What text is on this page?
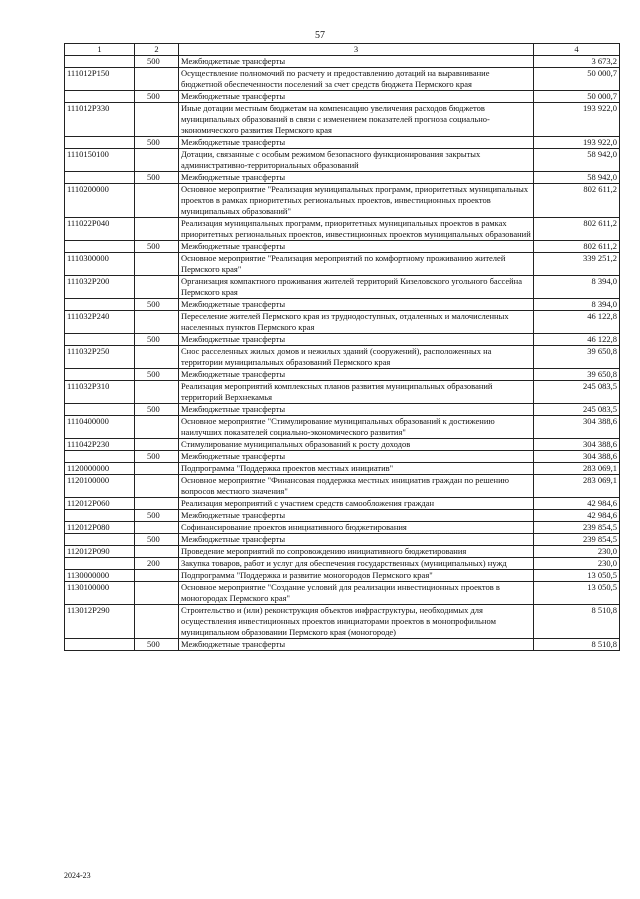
57
1	2	3	4
	500	Межбюджетные трансферты	3 673,2
111012P150		Осуществление полномочий по расчету и предоставлению дотаций на выравнивание бюджетной обеспеченности поселений за счет средств бюджета Пермского края	50 000,7
	500	Межбюджетные трансферты	50 000,7
111012P330		Иные дотации местным бюджетам на компенсацию увеличения расходов бюджетов муниципальных образований в связи с изменением показателей прогноза социально-экономического развития Пермского края	193 922,0
	500	Межбюджетные трансферты	193 922,0
1110150100		Дотации, связанные с особым режимом безопасного функционирования закрытых административно-территориальных образований	58 942,0
	500	Межбюджетные трансферты	58 942,0
1110200000		Основное мероприятие "Реализация муниципальных программ, приоритетных муниципальных проектов в рамках приоритетных региональных проектов, инвестиционных проектов муниципальных образований"	802 611,2
111022P040		Реализация муниципальных программ, приоритетных муниципальных проектов в рамках приоритетных региональных проектов, инвестиционных проектов муниципальных образований	802 611,2
	500	Межбюджетные трансферты	802 611,2
1110300000		Основное мероприятие "Реализация мероприятий по комфортному проживанию жителей Пермского края"	339 251,2
111032P200		Организация компактного проживания жителей территорий Кизеловского угольного бассейна Пермского края	8 394,0
	500	Межбюджетные трансферты	8 394,0
111032P240		Переселение жителей Пермского края из труднодоступных, отдаленных и малочисленных населенных пунктов Пермского края	46 122,8
	500	Межбюджетные трансферты	46 122,8
111032P250		Снос расселенных жилых домов и нежилых зданий (сооружений), расположенных на территории муниципальных образований Пермского края	39 650,8
	500	Межбюджетные трансферты	39 650,8
111032P310		Реализация мероприятий комплексных планов развития муниципальных образований территорий Верхнекамья	245 083,5
	500	Межбюджетные трансферты	245 083,5
1110400000		Основное мероприятие "Стимулирование муниципальных образований к достижению наилучших показателей социально-экономического развития"	304 388,6
111042P230		Стимулирование муниципальных образований к росту доходов	304 388,6
	500	Межбюджетные трансферты	304 388,6
1120000000		Подпрограмма "Поддержка проектов местных инициатив"	283 069,1
1120100000		Основное мероприятие "Финансовая поддержка местных инициатив граждан по решению вопросов местного значения"	283 069,1
112012P060		Реализация мероприятий с участием средств самообложения граждан	42 984,6
	500	Межбюджетные трансферты	42 984,6
112012P080		Софинансирование проектов инициативного бюджетирования	239 854,5
	500	Межбюджетные трансферты	239 854,5
112012P090		Проведение мероприятий по сопровождению инициативного бюджетирования	230,0
	200	Закупка товаров, работ и услуг для обеспечения государственных (муниципальных) нужд	230,0
1130000000		Подпрограмма "Поддержка и развитие моногородов Пермского края"	13 050,5
1130100000		Основное мероприятие "Создание условий для реализации инвестиционных проектов в моногородах Пермского края"	13 050,5
113012P290		Строительство и (или) реконструкция объектов инфраструктуры, необходимых для осуществления инвестиционных проектов инициаторами проектов в монопрофильном муниципальном образовании Пермского края (моногороде)	8 510,8
	500	Межбюджетные трансферты	8 510,8
2024-23
